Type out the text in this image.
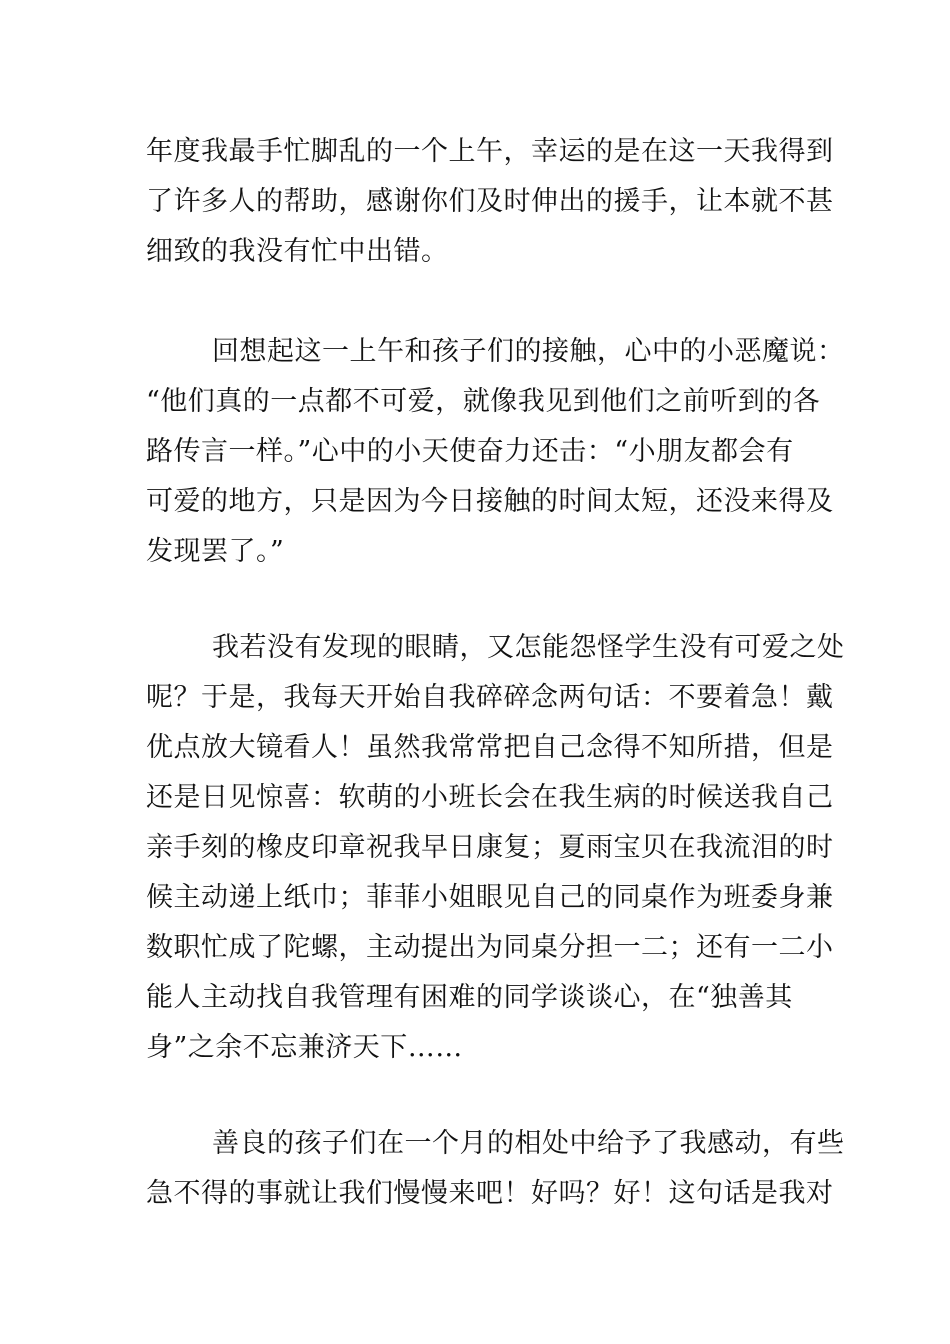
年度我最手忙脚乱的一个上午，幸运的是在这一天我得到
了许多人的帮助，感谢你们及时伸出的援手，让本就不甚
细致的我没有忙中出错。
回想起这一上午和孩子们的接触，心中的小恶魔说：
“他们真的一点都不可爱，就像我见到他们之前听到的各
路传言一样。”心中的小天使奋力还击：“小朋友都会有
可爱的地方，只是因为今日接触的时间太短，还没来得及
发现罢了。”
我若没有发现的眼睛，又怎能怨怪学生没有可爱之处
呢？于是，我每天开始自我碎碎念两句话：不要着急！戴
优点放大镜看人！虽然我常常把自己念得不知所措，但是
还是日见惊喜：软萌的小班长会在我生病的时候送我自己
亲手刻的橡皮印章祝我早日康复；夏雨宝贝在我流泪的时
候主动递上纸巾；菲菲小姐眼见自己的同桌作为班委身兼
数职忙成了陀螺，主动提出为同桌分担一二；还有一二小
能人主动找自我管理有困难的同学谈谈心，在“独善其
身”之余不忘兼济天下……
善良的孩子们在一个月的相处中给予了我感动，有些
急不得的事就让我们慢慢来吧！好吗？好！这句话是我对
